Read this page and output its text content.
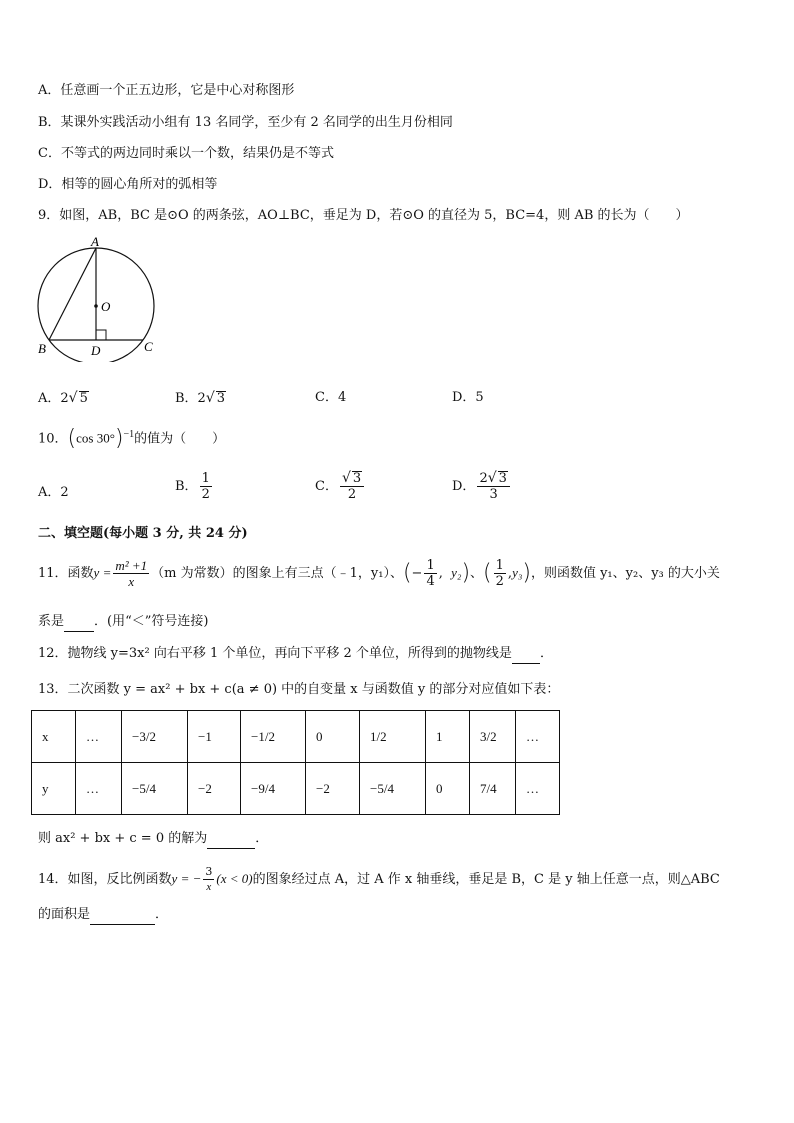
A．任意画一个正五边形，它是中心对称图形
B．某课外实践活动小组有 13 名同学，至少有 2 名同学的出生月份相同
C．不等式的两边同时乘以一个数，结果仍是不等式
D．相等的圆心角所对的弧相等
9．如图，AB，BC 是⊙O 的两条弦，AO⊥BC，垂足为 D，若⊙O 的直径为 5，BC=4，则 AB 的长为（　　）
A
O
B	D	C
A．2√ 5	B．2√ 3	C．4	D．5
10．(cos 30°)$^{-1}$的值为（　　）
A．2	B． $\frac{1}{2}$	C． $\frac{√ 3}{2}$	D． $\frac{2√ 3}{3}$
二、填空题(每小题 3 分, 共 24 分)
11．函数$y = \frac{\text{m² +1}}{x} (m$ 为常数）的图象上有三点（﹣1，y₁）、(− $\frac{1}{4}$ ,  y₂)、( $\frac{1}{2} ,y_3$)，则函数值 y₁、y₂、y₃ 的大小关
系是 ．(用“＜”符号连接)
12．抛物线 y=3x² 向右平移 1 个单位，再向下平移 2 个单位，所得到的抛物线是 ．
13．二次函数 y = ax² + bx + c(a ≠ 0) 中的自变量 x 与函数值 y 的部分对应值如下表：
x	…	−3/2	−1	−1/2	0	1/2	1	3/2	…
y	…	−5/4	−2	−9/4	−2	−5/4	0	7/4	…
则 ax² + bx + c = 0 的解为	．
14．如图，反比例函数y = − $\frac{3}{x} (x < 0)$的图象经过点 A，过 A 作 x 轴垂线，垂足是 B，C 是 y 轴上任意一点，则△ABC
的面积是	．
